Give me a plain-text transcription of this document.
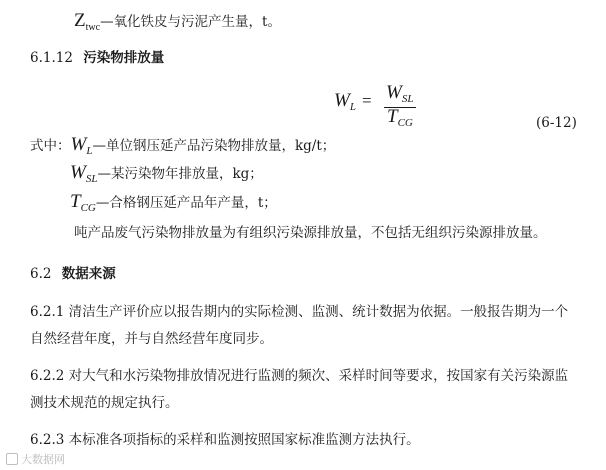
$Z_{twc}—$氧化铁皮与污泥产生量，t。
6.1.12 污染物排放量
$W_L = W_{SL}$
$T_{CG}$	(6-12)
式中：$W_L—$单位钢压延产品污染物排放量，kg/t；
$W_{SL}—$某污染物年排放量，kg；
$T_{CG}—$合格钢压延产品年产量，t；
吨产品废气污染物排放量为有组织污染源排放量，不包括无组织污染源排放量。
6.2 数据来源
6.2.1 清洁生产评价应以报告期内的实际检测、监测、统计数据为依据。一般报告期为一个
自然经营年度，并与自然经营年度同步。
6.2.2 对大气和水污染物排放情况进行监测的频次、采样时间等要求，按国家有关污染源监
测技术规范的规定执行。
6.2.3 本标准各项指标的采样和监测按照国家标准监测方法执行。
大数据网
